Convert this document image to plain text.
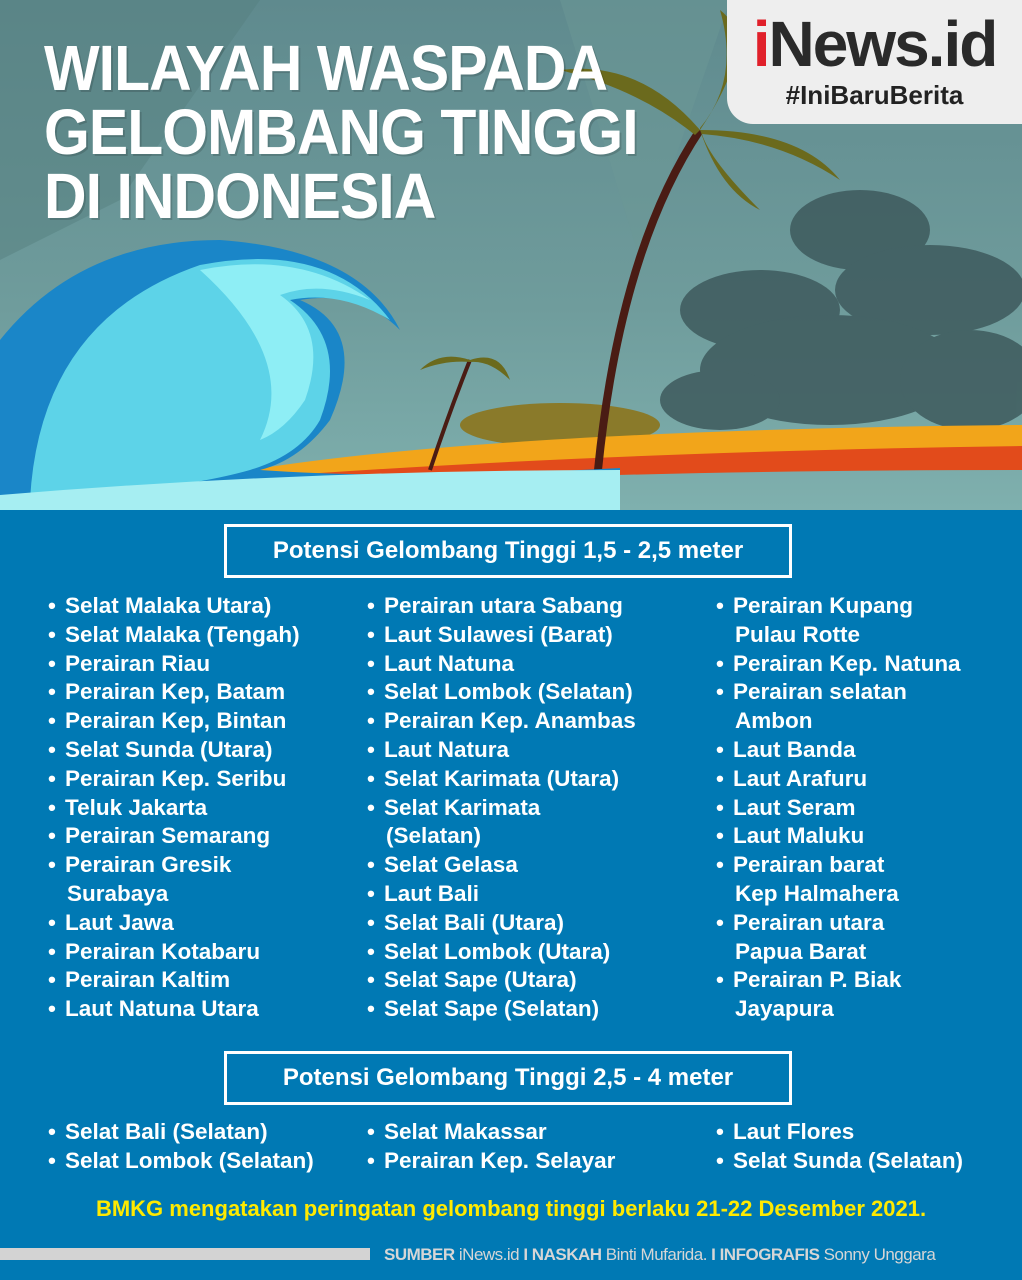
WILAYAH WASPADA
GELOMBANG TINGGI
DI INDONESIA
iNews.id
#IniBaruBerita
Potensi Gelombang Tinggi 1,5 - 2,5 meter
• Selat Malaka Utara)
• Selat Malaka (Tengah)
• Perairan Riau
• Perairan Kep, Batam
• Perairan Kep, Bintan
• Selat Sunda (Utara)
• Perairan Kep. Seribu
• Teluk Jakarta
• Perairan Semarang
• Perairan Gresik
Surabaya
• Laut Jawa
• Perairan Kotabaru
• Perairan Kaltim
• Laut Natuna Utara
• Perairan utara Sabang
• Laut Sulawesi (Barat)
• Laut Natuna
• Selat Lombok (Selatan)
• Perairan Kep. Anambas
• Laut Natura
• Selat Karimata (Utara)
• Selat Karimata
(Selatan)
• Selat Gelasa
• Laut Bali
• Selat Bali (Utara)
• Selat Lombok (Utara)
• Selat Sape (Utara)
• Selat Sape (Selatan)
• Perairan Kupang
Pulau Rotte
• Perairan Kep. Natuna
• Perairan selatan
Ambon
• Laut Banda
• Laut Arafuru
• Laut Seram
• Laut Maluku
• Perairan barat
Kep Halmahera
• Perairan utara
Papua Barat
• Perairan P. Biak
Jayapura
Potensi Gelombang Tinggi 2,5 - 4 meter
• Selat Bali (Selatan)
• Selat Lombok (Selatan)
• Selat Makassar
• Perairan Kep. Selayar
• Laut Flores
• Selat Sunda (Selatan)
BMKG mengatakan peringatan gelombang tinggi berlaku 21-22 Desember 2021.
SUMBER iNews.id I NASKAH Binti Mufarida. I INFOGRAFIS Sonny Unggara
